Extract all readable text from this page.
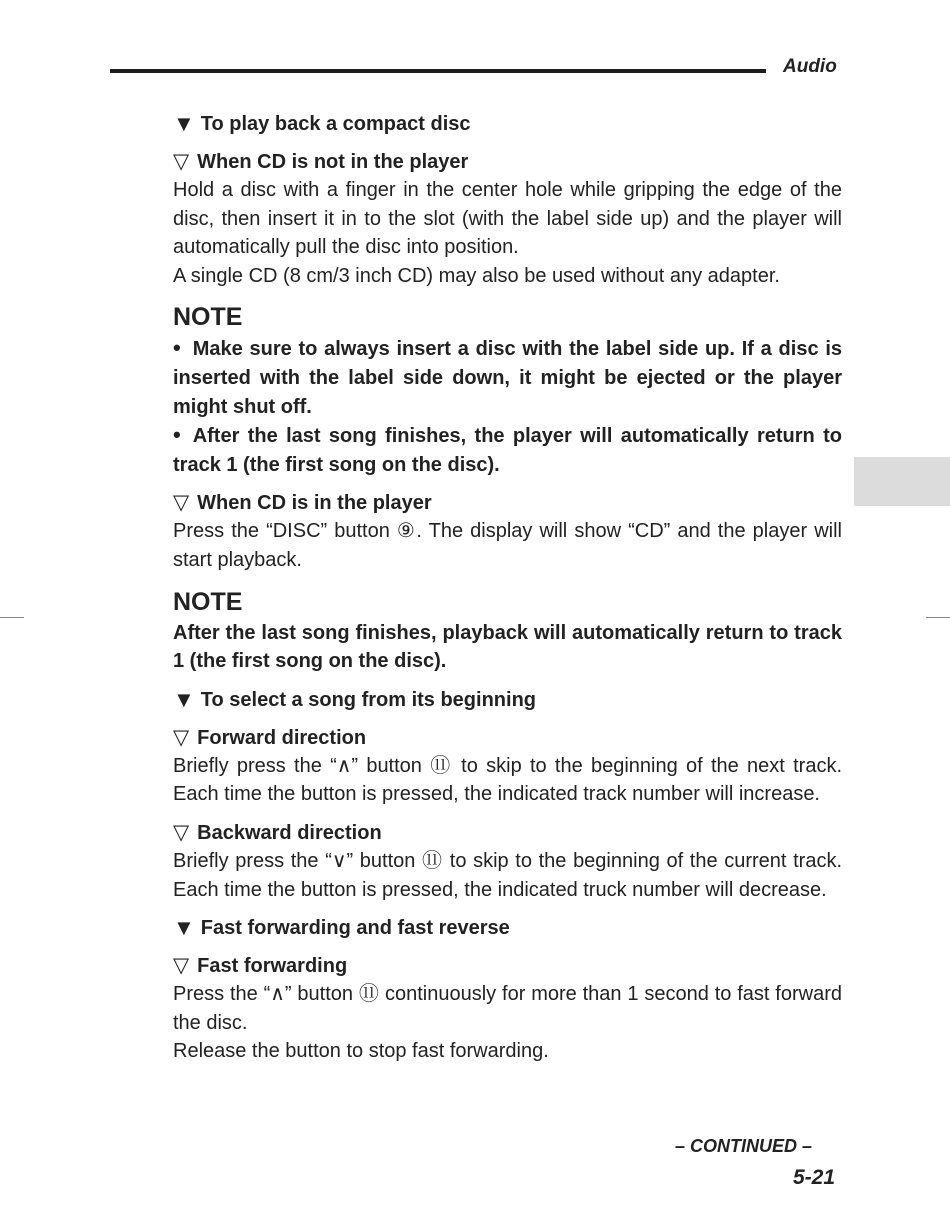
Audio
▼ To play back a compact disc
▽ When CD is not in the player

Hold a disc with a finger in the center hole while gripping the edge of the disc, then insert it in to the slot (with the label side up) and the player will automatically pull the disc into position.

A single CD (8 cm/3 inch CD) may also be used without any adapter.

NOTE

• Make sure to always insert a disc with the label side up. If a disc is inserted with the label side down, it might be ejected or the player might shut off.

• After the last song finishes, the player will automatically return to track 1 (the first song on the disc).

▽ When CD is in the player

Press the “DISC” button ⑨. The display will show “CD” and the player will start playback.

NOTE

After the last song finishes, playback will automatically return to track 1 (the first song on the disc).

▼ To select a song from its beginning
▽ Forward direction

Briefly press the “∧” button ⑪ to skip to the beginning of the next track. Each time the button is pressed, the indicated track number will increase.

▽ Backward direction

Briefly press the “∨” button ⑪ to skip to the beginning of the current track. Each time the button is pressed, the indicated truck number will decrease.

▼ Fast forwarding and fast reverse
▽ Fast forwarding

Press the “∧” button ⑪ continuously for more than 1 second to fast forward the disc.

Release the button to stop fast forwarding.

– CONTINUED –
5-21
